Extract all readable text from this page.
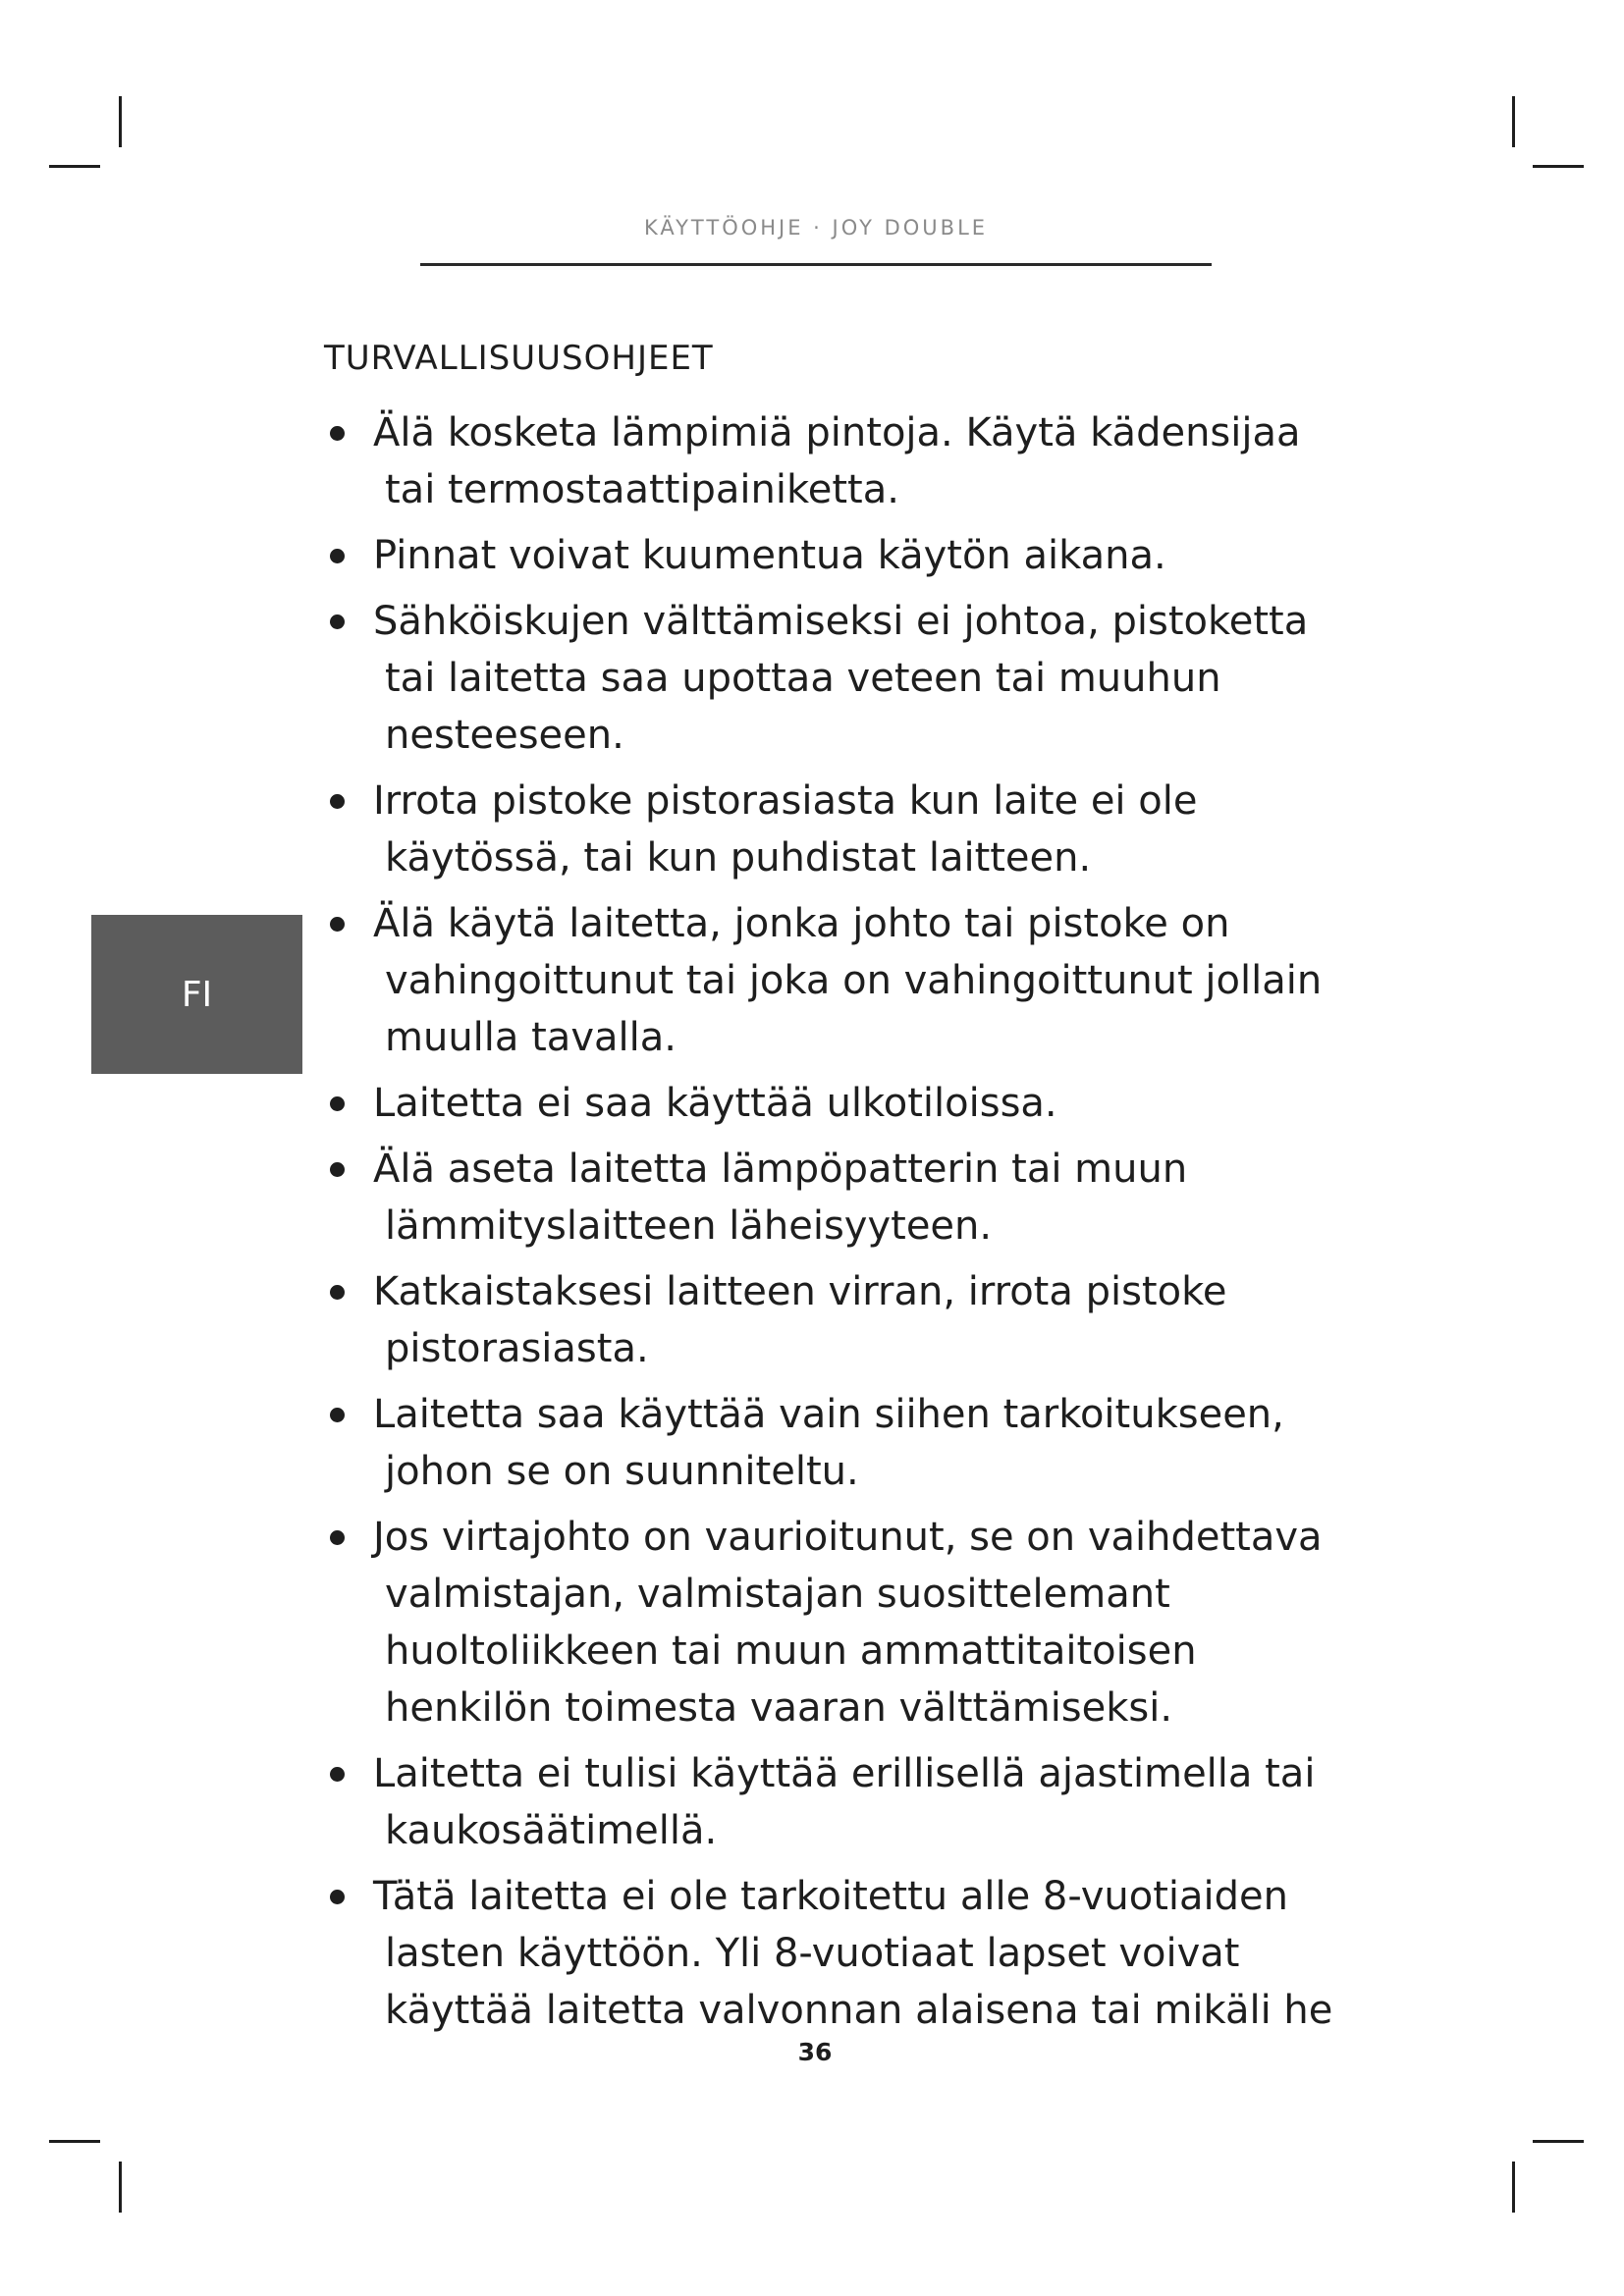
KÄYTTÖOHJE · JOY DOUBLE
FI
TURVALLISUUSOHJEET
Älä kosketa lämpimiä pintoja. Käytä kädensijaa
tai termostaattipainiketta.
Pinnat voivat kuumentua käytön aikana.
Sähköiskujen välttämiseksi ei johtoa, pistoketta
tai laitetta saa upottaa veteen tai muuhun
nesteeseen.
Irrota pistoke pistorasiasta kun laite ei ole
käytössä, tai kun puhdistat laitteen.
Älä käytä laitetta, jonka johto tai pistoke on
vahingoittunut tai joka on vahingoittunut jollain
muulla tavalla.
Laitetta ei saa käyttää ulkotiloissa.
Älä aseta laitetta lämpöpatterin tai muun
lämmityslaitteen läheisyyteen.
Katkaistaksesi laitteen virran, irrota pistoke
pistorasiasta.
Laitetta saa käyttää vain siihen tarkoitukseen,
johon se on suunniteltu.
Jos virtajohto on vaurioitunut, se on vaihdettava
valmistajan, valmistajan suosittelemant
huoltoliikkeen tai muun ammattitaitoisen
henkilön toimesta vaaran välttämiseksi.
Laitetta ei tulisi käyttää erillisellä ajastimella tai
kaukosäätimellä.
Tätä laitetta ei ole tarkoitettu alle 8-vuotiaiden
lasten käyttöön. Yli 8-vuotiaat lapset voivat
käyttää laitetta valvonnan alaisena tai mikäli he
36
